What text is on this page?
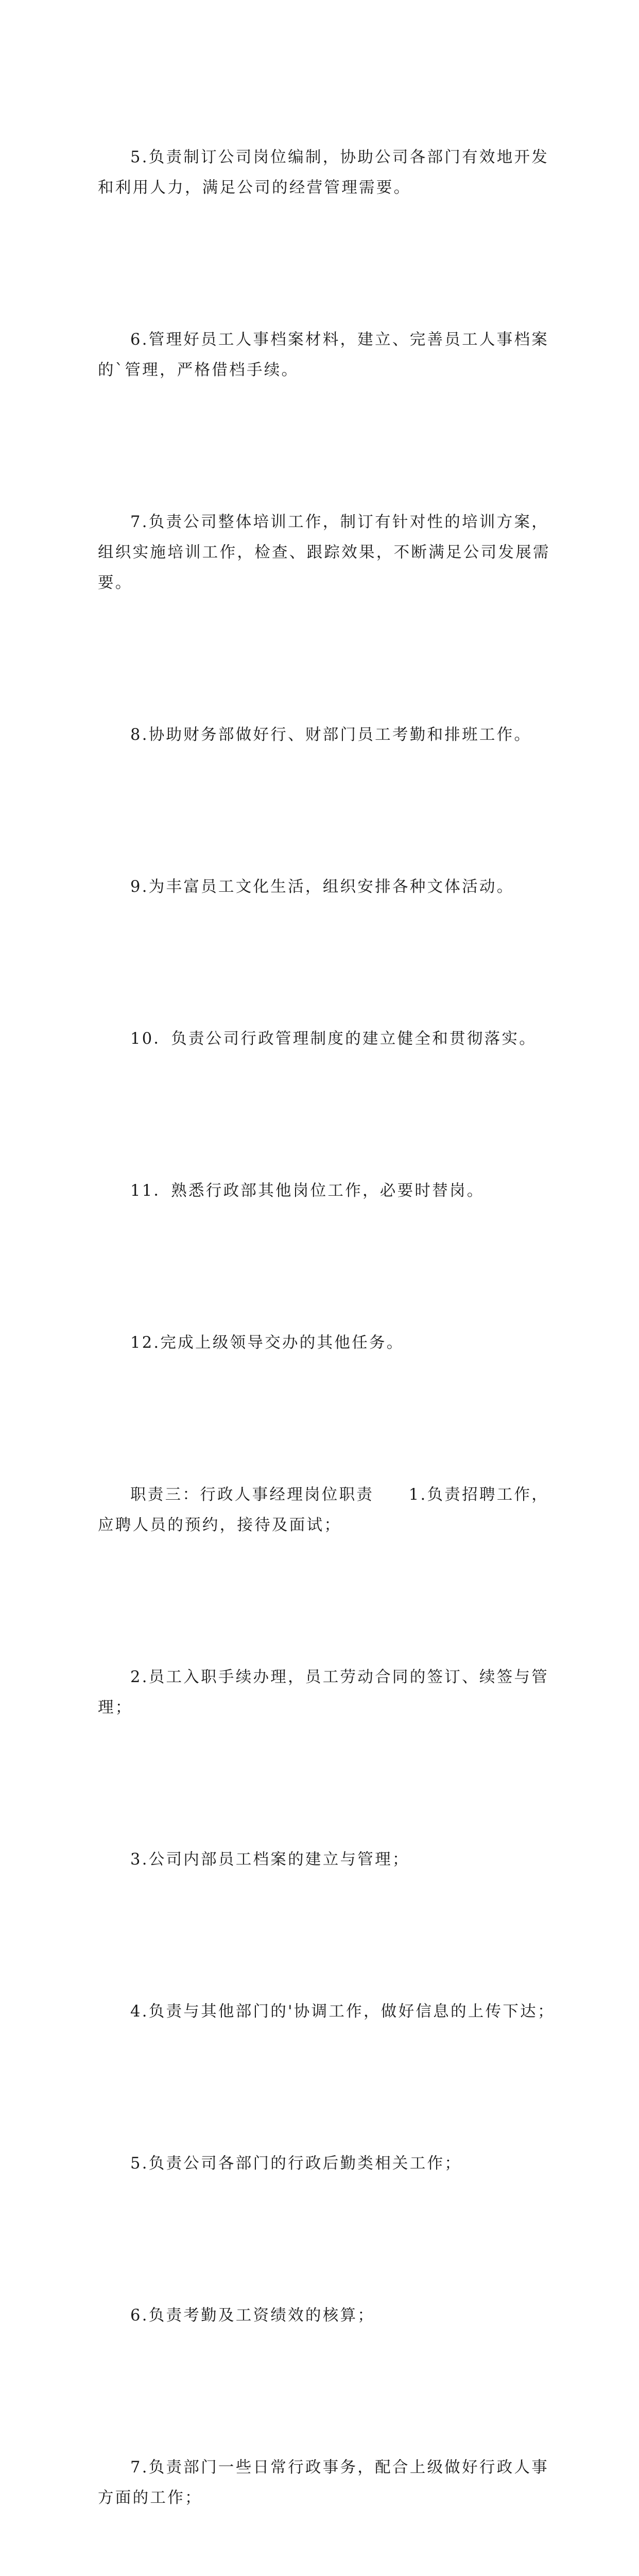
5.负责制订公司岗位编制，协助公司各部门有效地开发
和利用人力，满足公司的经营管理需要。

6.管理好员工人事档案材料，建立、完善员工人事档案
的`管理，严格借档手续。

7.负责公司整体培训工作，制订有针对性的培训方案，
组织实施培训工作，检查、跟踪效果，不断满足公司发展需
要。

8.协助财务部做好行、财部门员工考勤和排班工作。

9.为丰富员工文化生活，组织安排各种文体活动。

10．负责公司行政管理制度的建立健全和贯彻落实。

11．熟悉行政部其他岗位工作，必要时替岗。

12.完成上级领导交办的其他任务。

职责三：行政人事经理岗位职责　　1.负责招聘工作，
应聘人员的预约，接待及面试；

2.员工入职手续办理，员工劳动合同的签订、续签与管
理；

3.公司内部员工档案的建立与管理；

4.负责与其他部门的'协调工作，做好信息的上传下达；

5.负责公司各部门的行政后勤类相关工作；

6.负责考勤及工资绩效的核算；

7.负责部门一些日常行政事务，配合上级做好行政人事
方面的工作；
